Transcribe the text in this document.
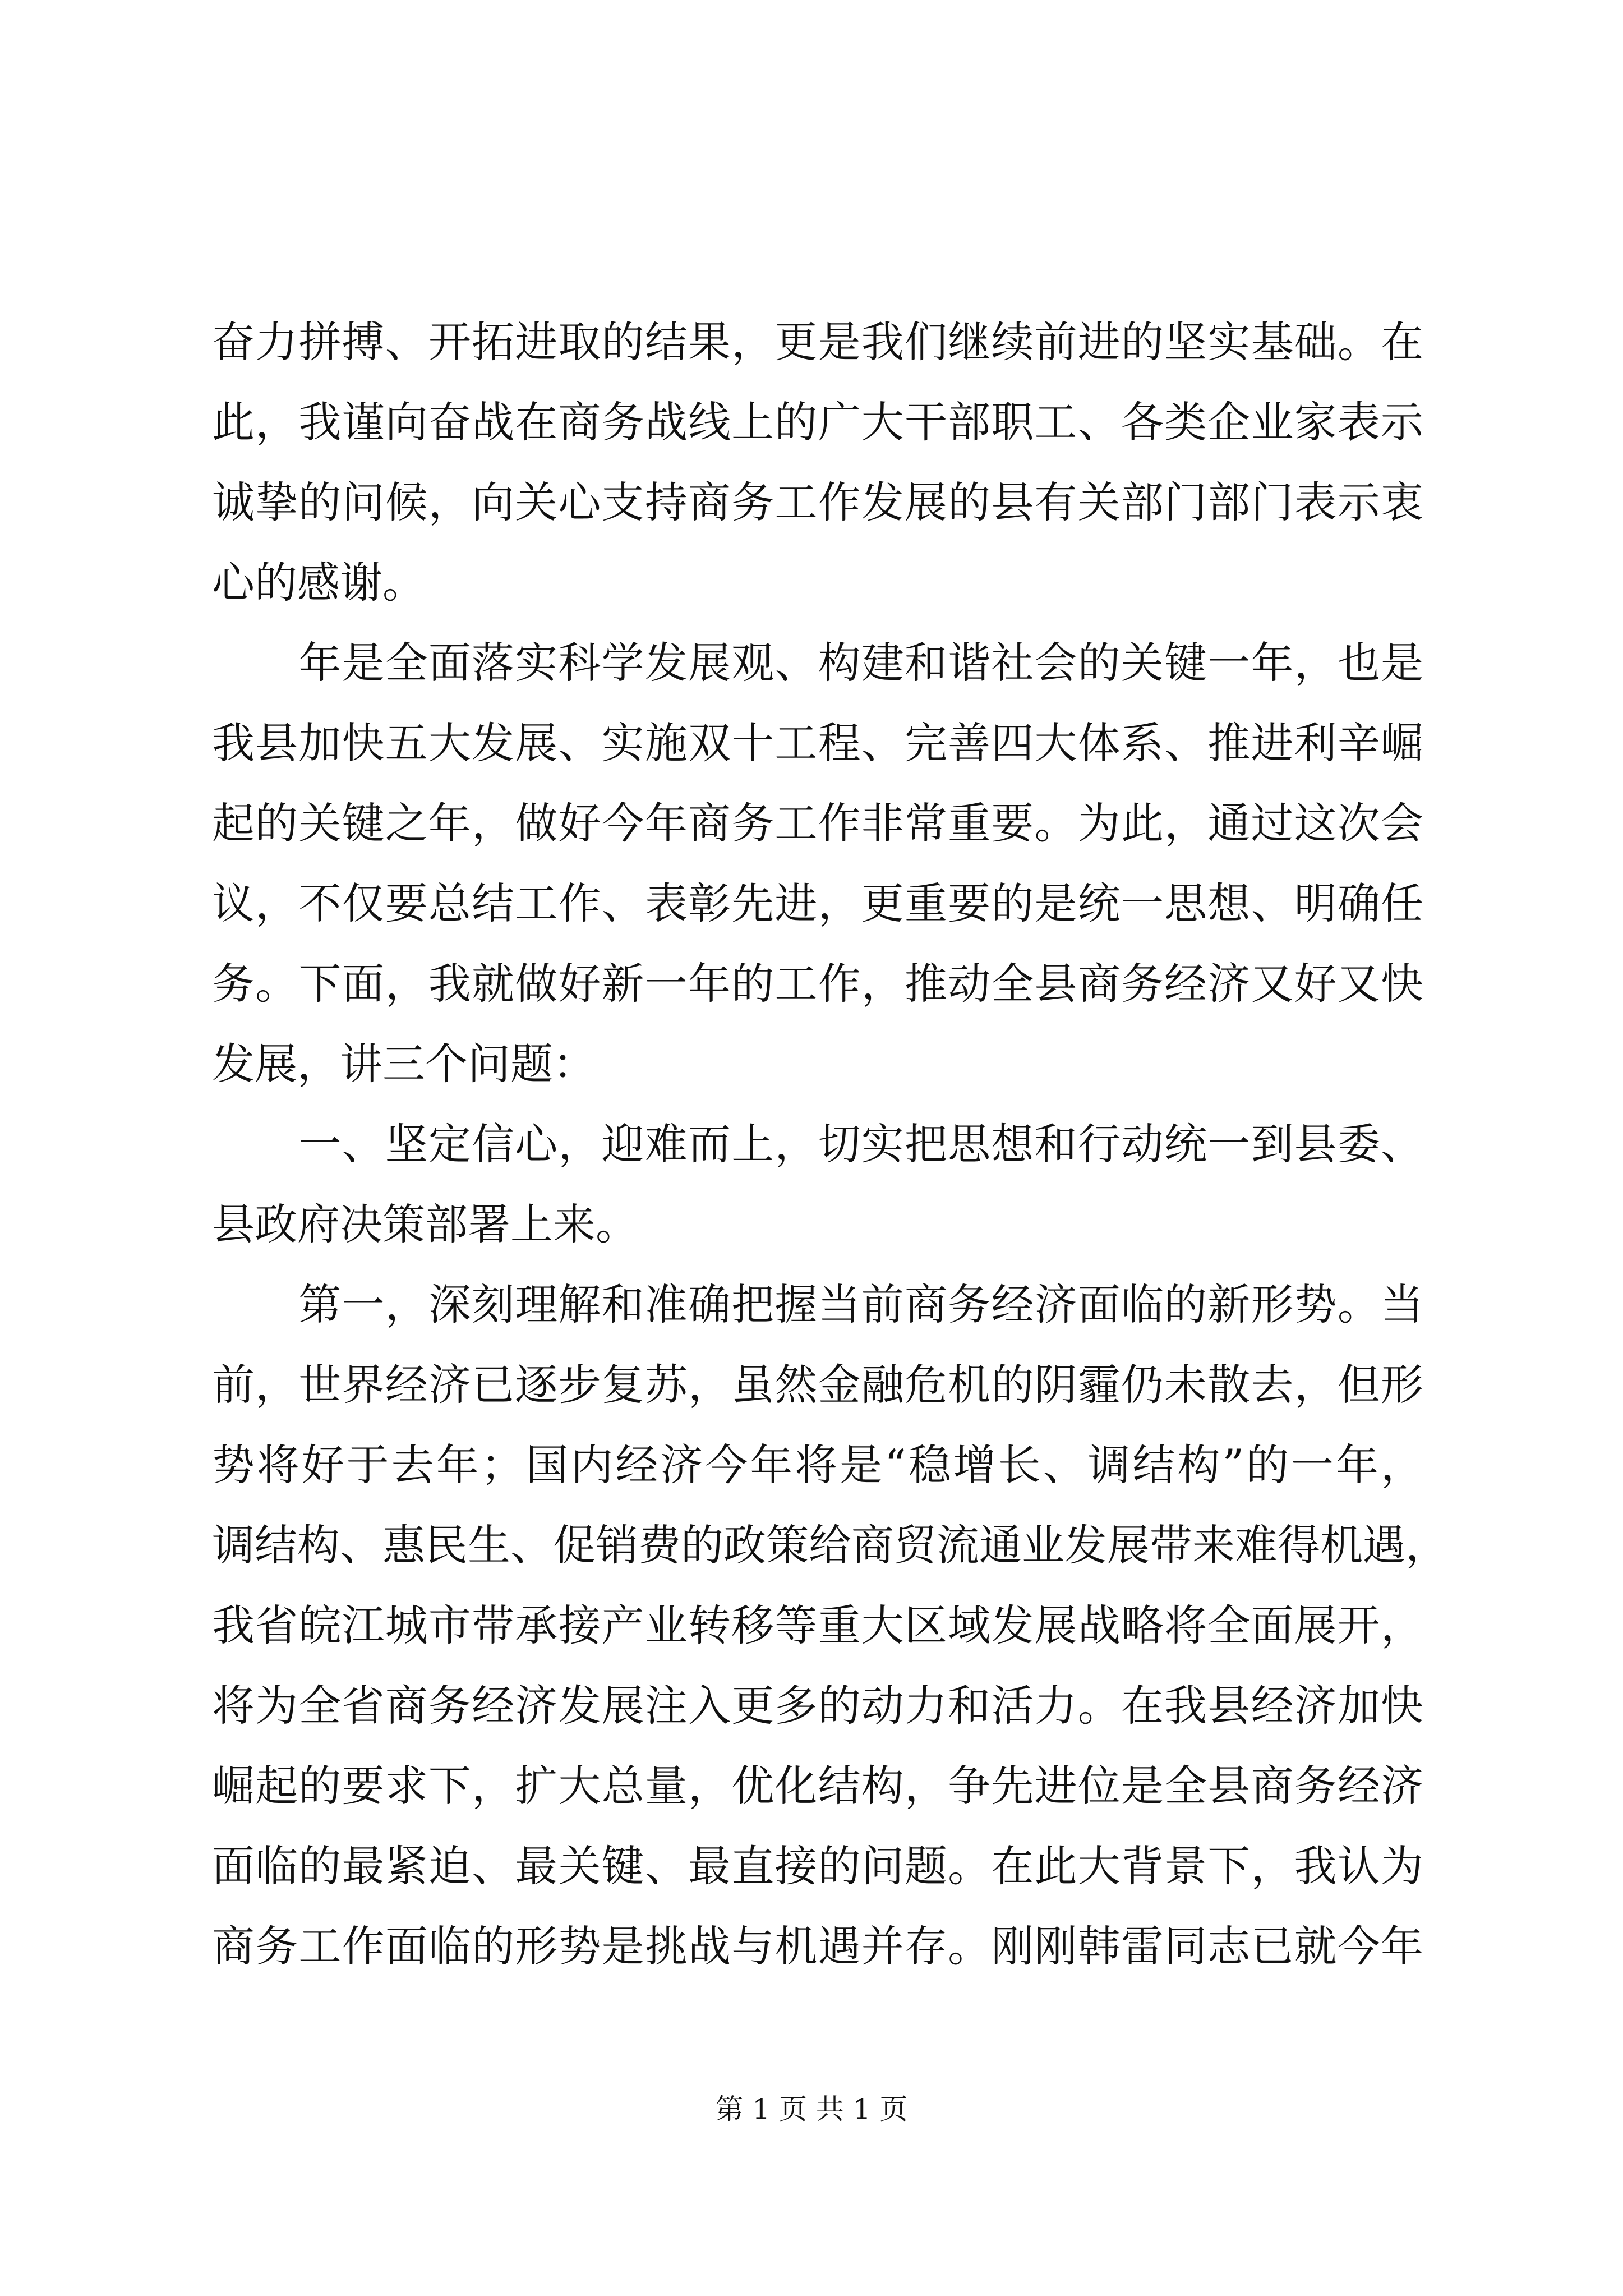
奋力拼搏、开拓进取的结果，更是我们继续前进的坚实基础。在
此，我谨向奋战在商务战线上的广大干部职工、各类企业家表示
诚挚的问候，向关心支持商务工作发展的县有关部门部门表示衷
心的感谢。
　　年是全面落实科学发展观、构建和谐社会的关键一年，也是
我县加快五大发展、实施双十工程、完善四大体系、推进利辛崛
起的关键之年，做好今年商务工作非常重要。为此，通过这次会
议，不仅要总结工作、表彰先进，更重要的是统一思想、明确任
务。下面，我就做好新一年的工作，推动全县商务经济又好又快
发展，讲三个问题：
　　一、坚定信心，迎难而上，切实把思想和行动统一到县委、
县政府决策部署上来。
　　第一，深刻理解和准确把握当前商务经济面临的新形势。当
前，世界经济已逐步复苏，虽然金融危机的阴霾仍未散去，但形
势将好于去年；国内经济今年将是“稳增长、调结构”的一年，
调结构、惠民生、促销费的政策给商贸流通业发展带来难得机遇，
我省皖江城市带承接产业转移等重大区域发展战略将全面展开，
将为全省商务经济发展注入更多的动力和活力。在我县经济加快
崛起的要求下，扩大总量，优化结构，争先进位是全县商务经济
面临的最紧迫、最关键、最直接的问题。在此大背景下，我认为
商务工作面临的形势是挑战与机遇并存。刚刚韩雷同志已就今年
第 1 页 共 1 页
